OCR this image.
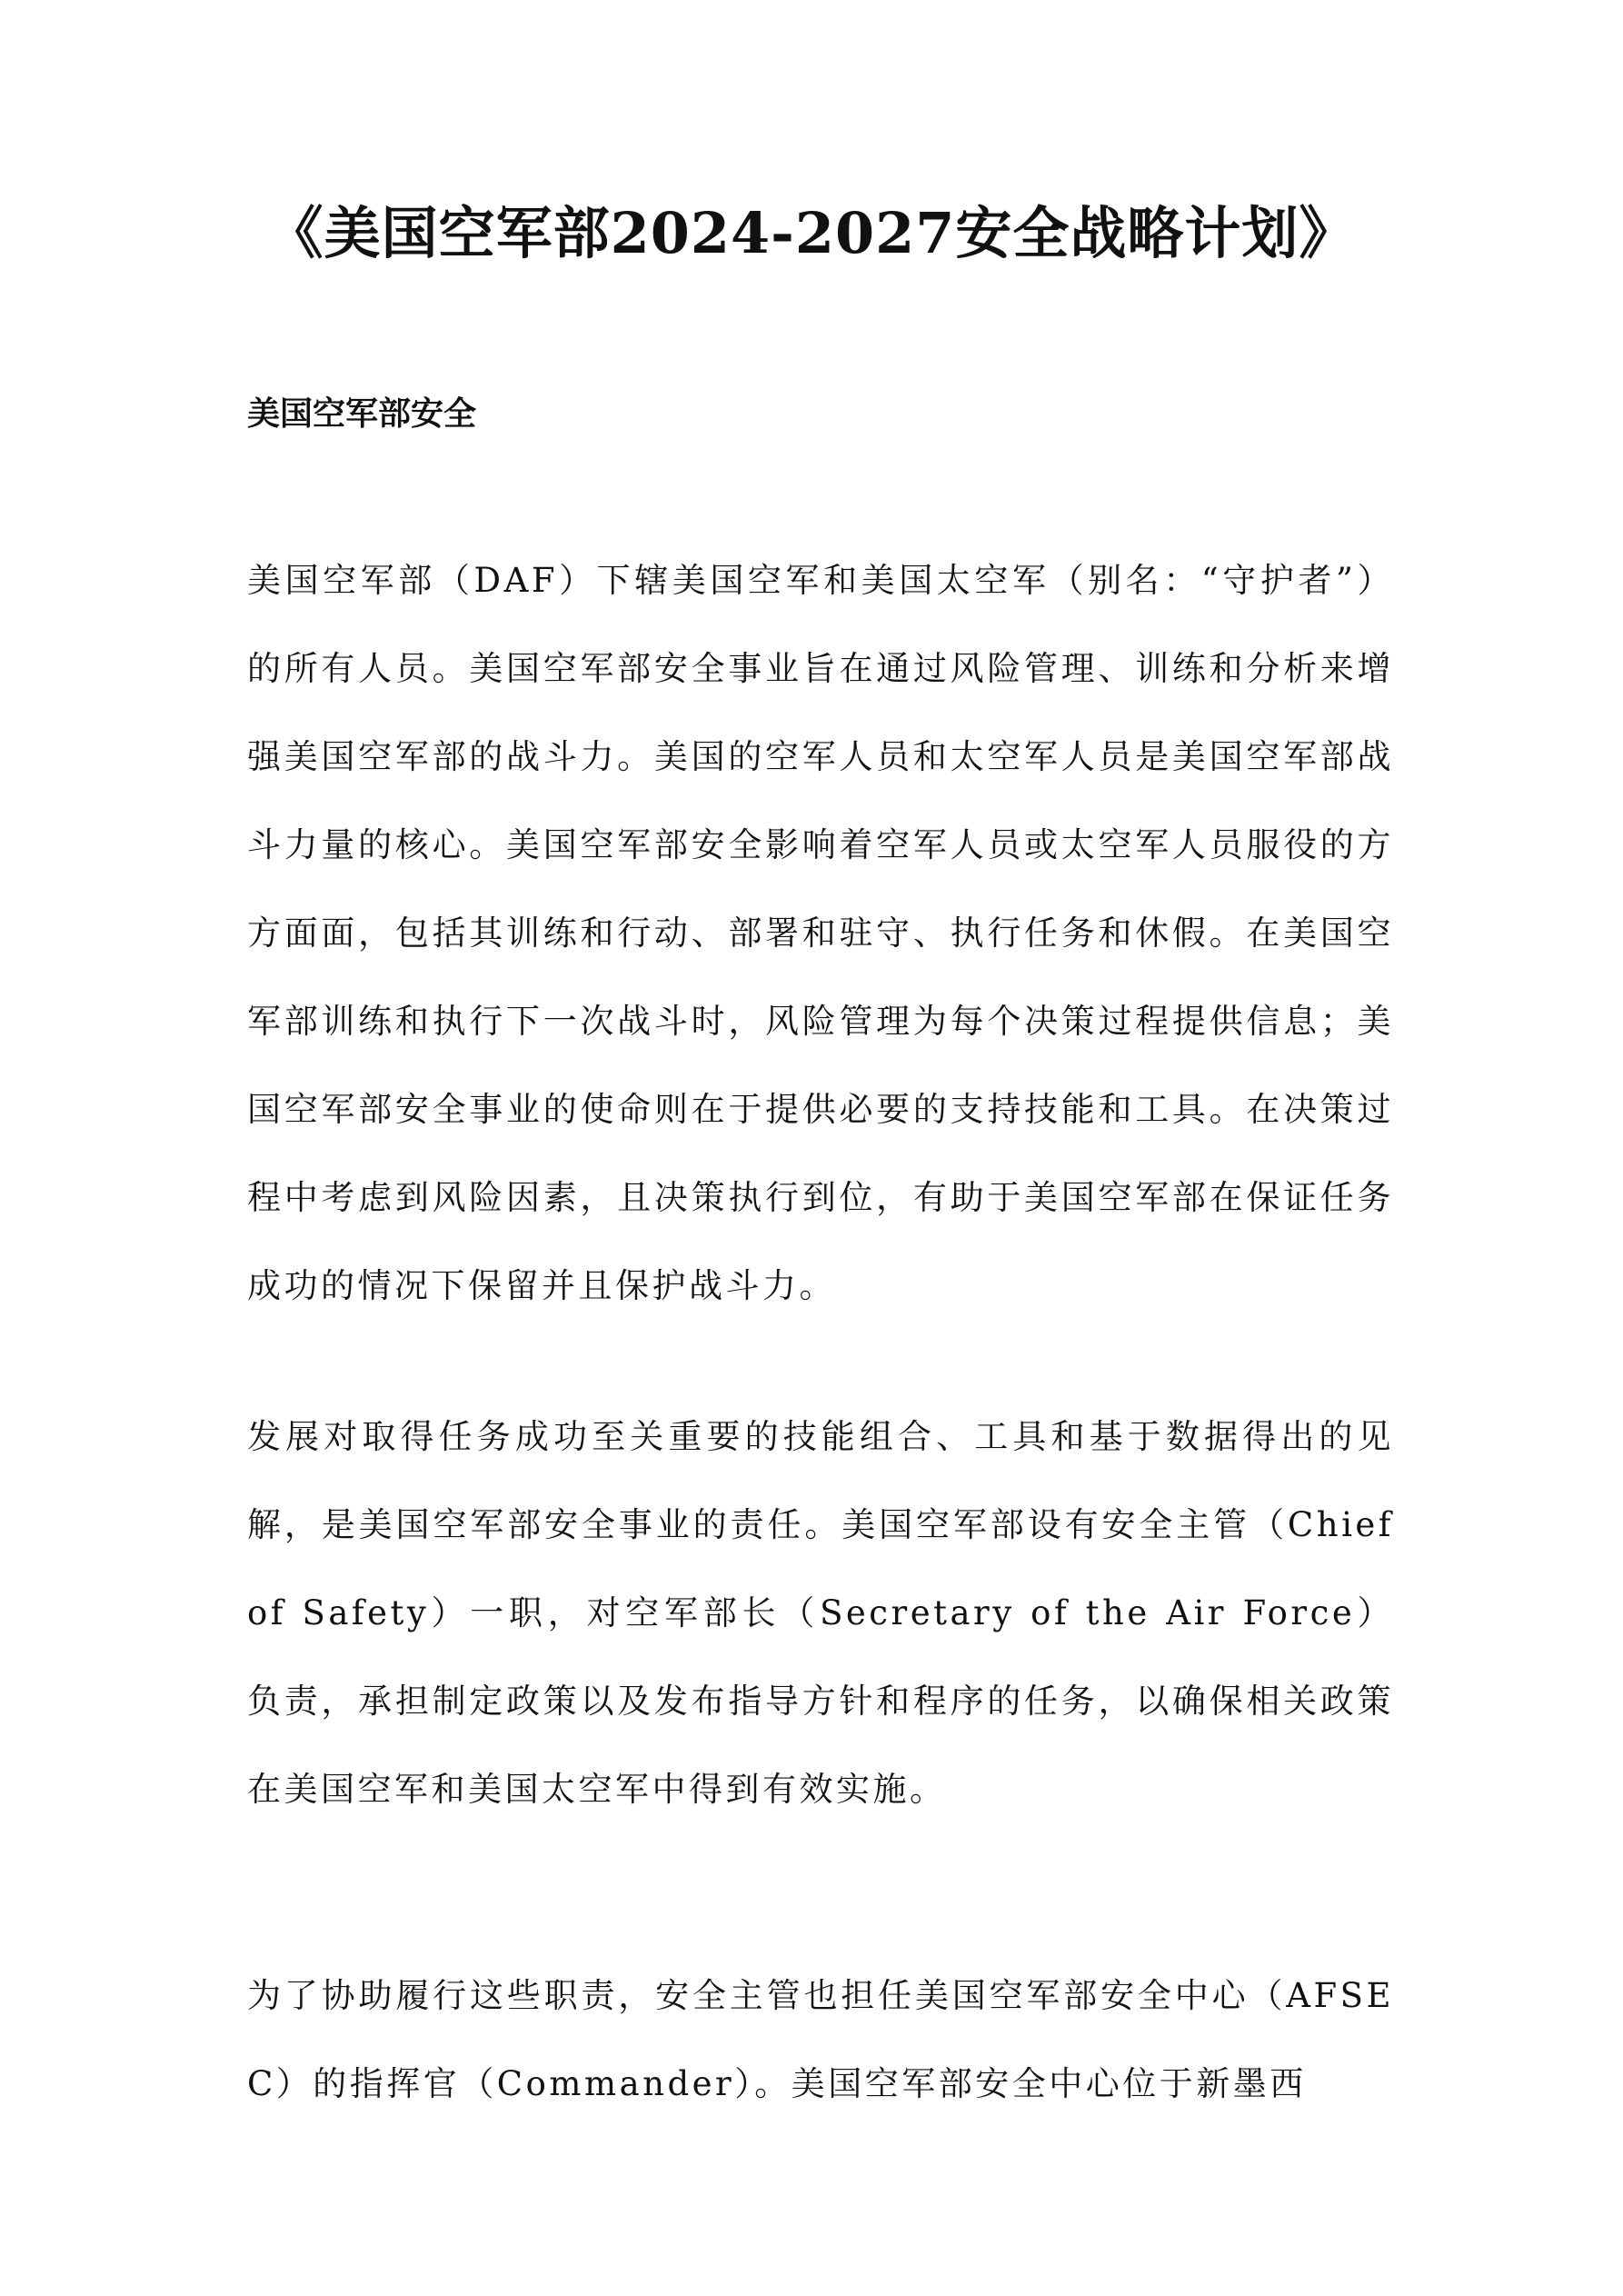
《美国空军部2024-2027安全战略计划》
美国空军部安全

美国空军部（DAF）下辖美国空军和美国太空军（别名：“守护者”）的所有人员。美国空军部安全事业旨在通过风险管理、训练和分析来增强美国空军部的战斗力。美国的空军人员和太空军人员是美国空军部战斗力量的核心。美国空军部安全影响着空军人员或太空军人员服役的方方面面，包括其训练和行动、部署和驻守、执行任务和休假。在美国空军部训练和执行下一次战斗时，风险管理为每个决策过程提供信息；美国空军部安全事业的使命则在于提供必要的支持技能和工具。在决策过程中考虑到风险因素，且决策执行到位，有助于美国空军部在保证任务成功的情况下保留并且保护战斗力。

发展对取得任务成功至关重要的技能组合、工具和基于数据得出的见解，是美国空军部安全事业的责任。美国空军部设有安全主管（Chief of Safety）一职，对空军部长（Secretary of the Air Force）负责，承担制定政策以及发布指导方针和程序的任务，以确保相关政策在美国空军和美国太空军中得到有效实施。

为了协助履行这些职责，安全主管也担任美国空军部安全中心（AFSEC）的指挥官（Commander）。美国空军部安全中心位于新墨西
